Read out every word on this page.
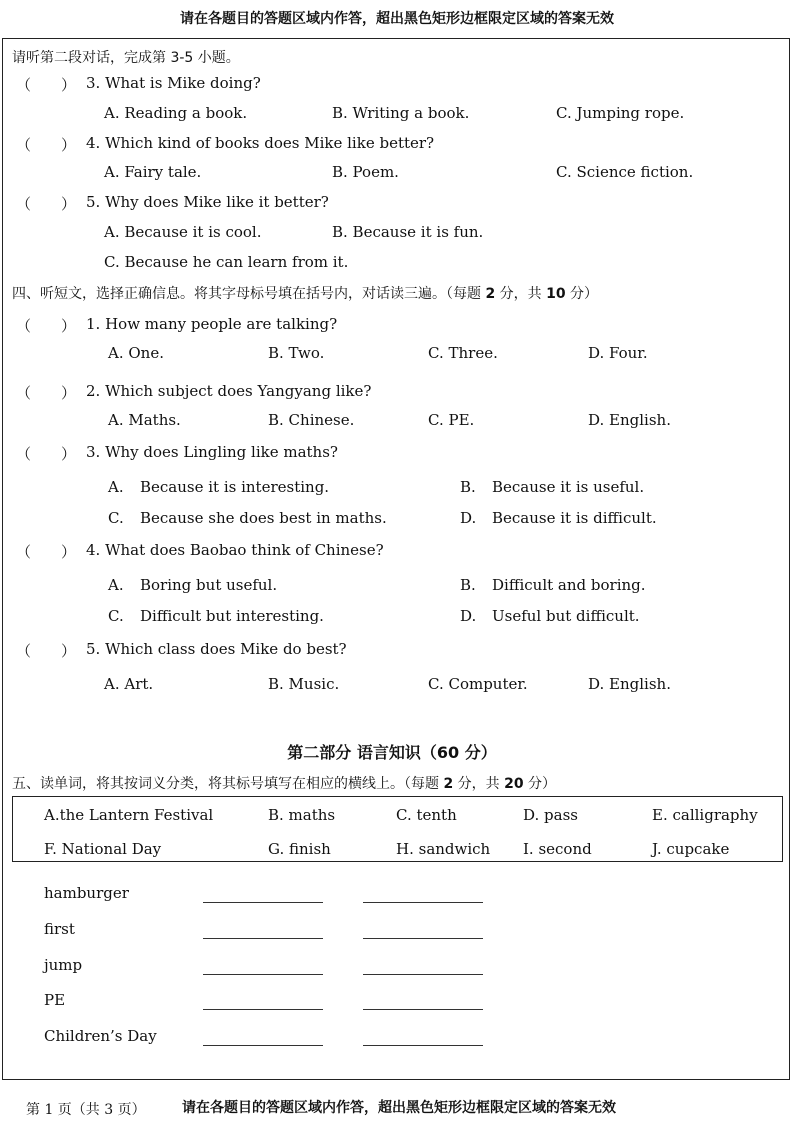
请在各题目的答题区域内作答，超出黑色矩形边框限定区域的答案无效
请听第二段对话，完成第 3-5 小题。
（　　） 3. What is Mike doing?
A. Reading a book.	B. Writing a book.	C. Jumping rope.
（　　） 4. Which kind of books does Mike like better?
A. Fairy tale.	B. Poem.	C. Science fiction.
（　　） 5. Why does Mike like it better?
A. Because it is cool.	B. Because it is fun.
C. Because he can learn from it.
四、听短文，选择正确信息。将其字母标号填在括号内，对话读三遍。（每题 2 分，共 10 分）
（　　） 1. How many people are talking?
A. One.	B. Two.	C. Three.	D. Four.
（　　） 2. Which subject does Yangyang like?
A. Maths.	B. Chinese.	C. PE.	D. English.
（　　） 3. Why does Lingling like maths?
A. Because it is interesting.	B. Because it is useful.
C. Because she does best in maths.	D. Because it is difficult.
（　　） 4. What does Baobao think of Chinese?
A. Boring but useful.	B. Difficult and boring.
C. Difficult but interesting.	D. Useful but difficult.
（　　） 5. Which class does Mike do best?
A. Art.	B. Music.	C. Computer.	D. English.
第二部分 语言知识（60 分）
五、读单词，将其按词义分类，将其标号填写在相应的横线上。（每题 2 分，共 20 分）
A.the Lantern Festival	B. maths	C. tenth	D. pass	E. calligraphy
F. National Day	G. finish	H. sandwich I. second	J. cupcake
hamburger
first
jump
PE
Children’s Day
第 1 页（共 3 页）	请在各题目的答题区域内作答，超出黑色矩形边框限定区域的答案无效
